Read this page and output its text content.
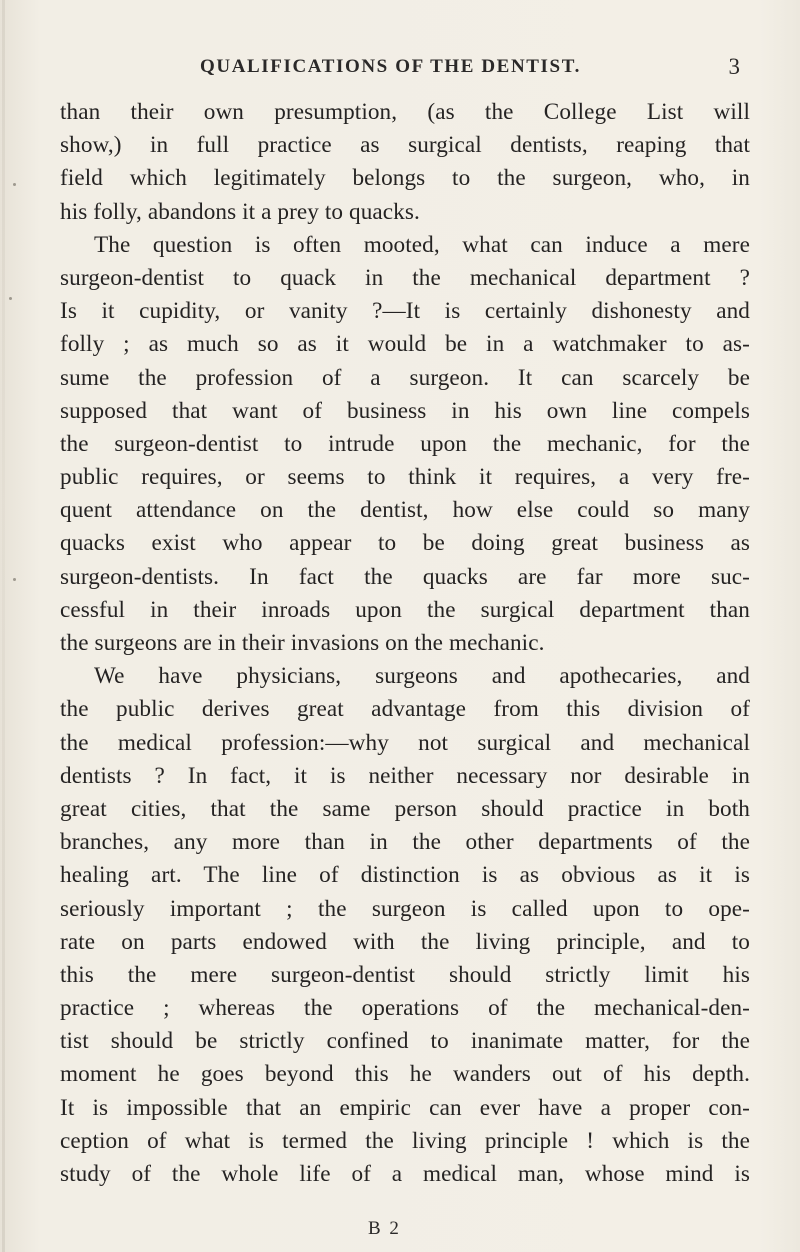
QUALIFICATIONS OF THE DENTIST.	3
than their own presumption, (as the College List will
show,) in full practice as surgical dentists, reaping that
field which legitimately belongs to the surgeon, who, in
his folly, abandons it a prey to quacks.
The question is often mooted, what can induce a mere
surgeon-dentist to quack in the mechanical department ?
Is it cupidity, or vanity ?—It is certainly dishonesty and
folly ; as much so as it would be in a watchmaker to as-
sume the profession of a surgeon. It can scarcely be
supposed that want of business in his own line compels
the surgeon-dentist to intrude upon the mechanic, for the
public requires, or seems to think it requires, a very fre-
quent attendance on the dentist, how else could so many
quacks exist who appear to be doing great business as
surgeon-dentists. In fact the quacks are far more suc-
cessful in their inroads upon the surgical department than
the surgeons are in their invasions on the mechanic.
We have physicians, surgeons and apothecaries, and
the public derives great advantage from this division of
the medical profession:—why not surgical and mechanical
dentists ? In fact, it is neither necessary nor desirable in
great cities, that the same person should practice in both
branches, any more than in the other departments of the
healing art. The line of distinction is as obvious as it is
seriously important ; the surgeon is called upon to ope-
rate on parts endowed with the living principle, and to
this the mere surgeon-dentist should strictly limit his
practice ; whereas the operations of the mechanical-den-
tist should be strictly confined to inanimate matter, for the
moment he goes beyond this he wanders out of his depth.
It is impossible that an empiric can ever have a proper con-
ception of what is termed the living principle ! which is the
study of the whole life of a medical man, whose mind is
B 2
